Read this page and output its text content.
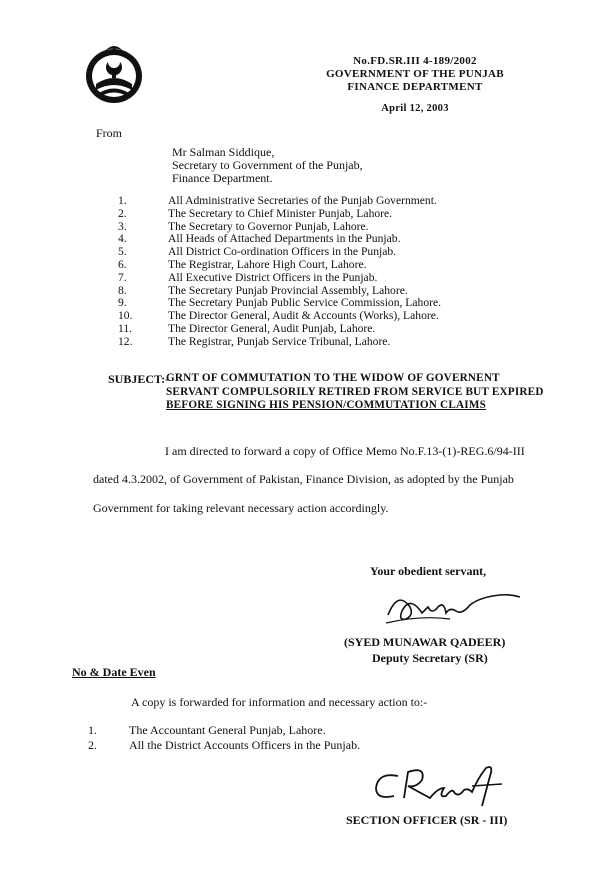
No.FD.SR.III 4-189/2002
GOVERNMENT OF THE PUNJAB
FINANCE DEPARTMENT
April 12, 2003
From
Mr Salman Siddique,
Secretary to Government of the Punjab,
Finance Department.
1.	All Administrative Secretaries of the Punjab Government.
2.	The Secretary to Chief Minister Punjab, Lahore.
3.	The Secretary to Governor Punjab, Lahore.
4.	All Heads of Attached Departments in the Punjab.
5.	All District Co-ordination Officers in the Punjab.
6.	The Registrar, Lahore High Court, Lahore.
7.	All Executive District Officers in the Punjab.
8.	The Secretary Punjab Provincial Assembly, Lahore.
9.	The Secretary Punjab Public Service Commission, Lahore.
10.	The Director General, Audit & Accounts (Works), Lahore.
11.	The Director General, Audit Punjab, Lahore.
12.	The Registrar, Punjab Service Tribunal, Lahore.
SUBJECT:-
GRNT OF COMMUTATION TO THE WIDOW OF GOVERNENT
SERVANT COMPULSORILY RETIRED FROM SERVICE BUT EXPIRED
BEFORE SIGNING HIS PENSION/COMMUTATION CLAIMS
I am directed to forward a copy of Office Memo No.F.13-(1)-REG.6/94-III
dated 4.3.2002, of Government of Pakistan, Finance Division, as adopted by the Punjab
Government for taking relevant necessary action accordingly.
Your obedient servant,
(SYED MUNAWAR QADEER)
Deputy Secretary (SR)
No & Date Even
A copy is forwarded for information and necessary action to:-
1.	The Accountant General Punjab, Lahore.
2.	All the District Accounts Officers in the Punjab.
SECTION OFFICER (SR - III)
